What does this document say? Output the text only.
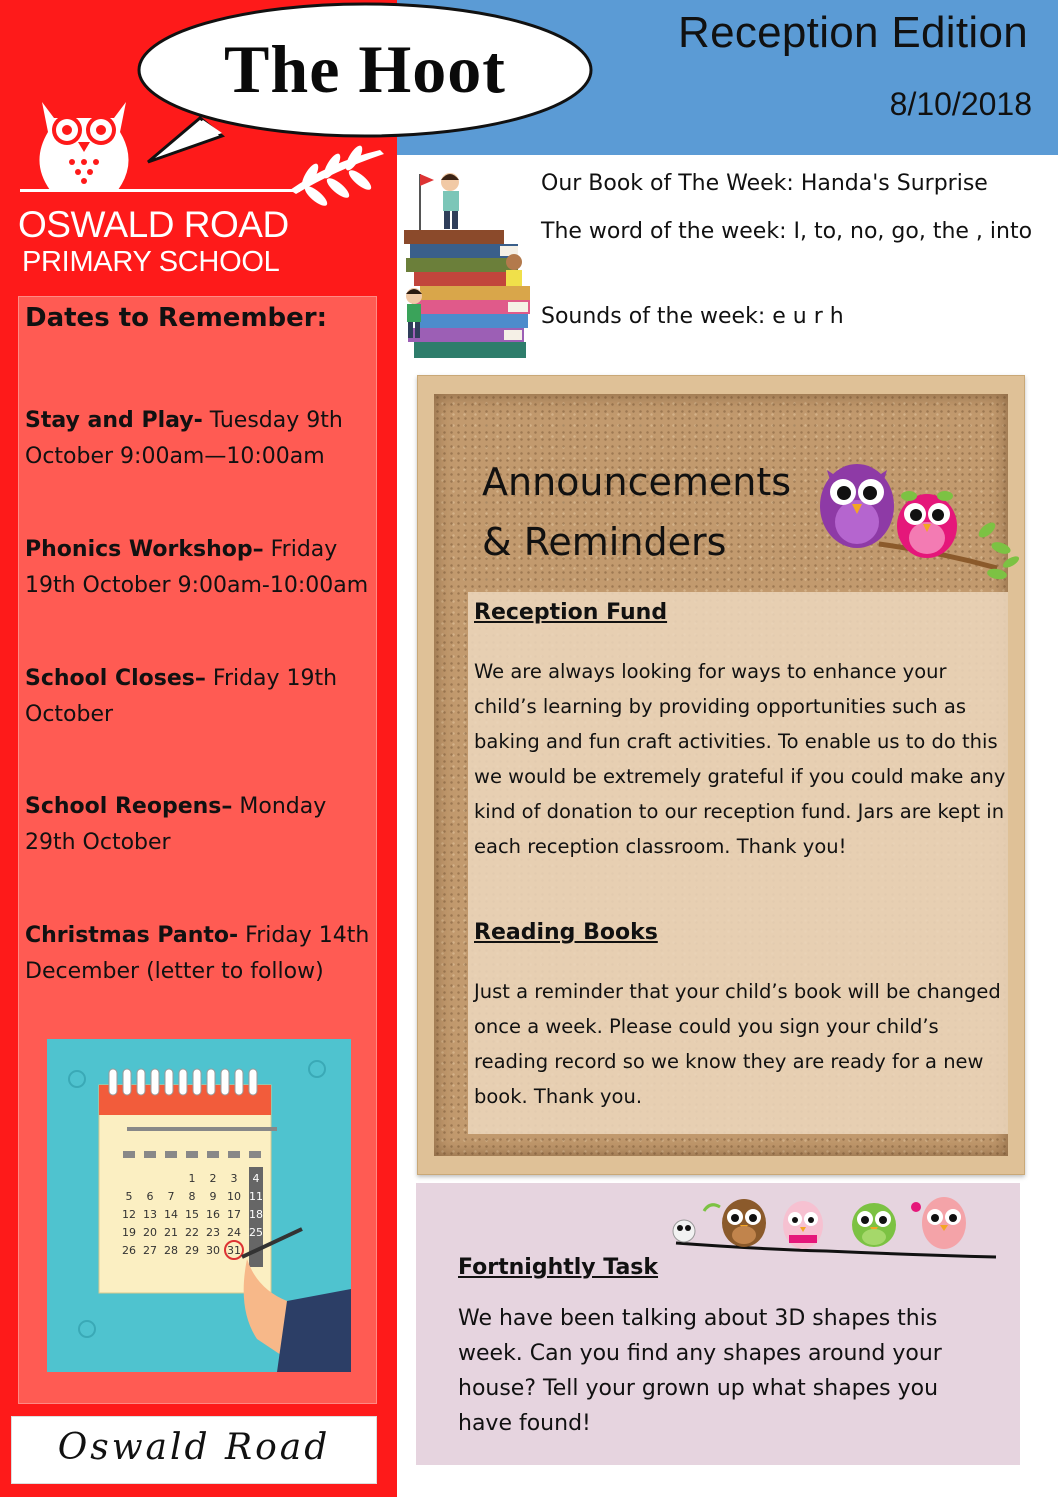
Reception Edition
8/10/2018
The Hoot
OSWALD ROAD
PRIMARY SCHOOL
Dates to Remember:
Stay and Play- Tuesday 9th October 9:00am—10:00am
Phonics Workshop– Friday 19th October 9:00am-10:00am
School Closes– Friday 19th October
School Reopens– Monday 29th October
Christmas Panto- Friday 14th December (letter to follow)
1 2 3 4
5 6 7 8 9 10 11
12 13 14 15 16 17 18
19 20 21 22 23 24 25
26 27 28 29 30 31
Oswald Road
Our Book of The Week: Handa's Surprise
The word of the week: I, to, no, go, the , into
Sounds of the week: e u r h
Announcements
& Reminders
Reception Fund
We are always looking for ways to enhance your child’s learning by providing opportunities such as baking and fun craft activities. To enable us to do this we would be extremely grateful if you could make any kind of donation to our reception fund. Jars are kept in each reception classroom. Thank you!
Reading Books
Just a reminder that your child’s book will be changed once a week. Please could you sign your child’s reading record so we know they are ready for a new book. Thank you.
Fortnightly Task
We have been talking about 3D shapes this week. Can you find any shapes around your house? Tell your grown up what shapes you have found!
